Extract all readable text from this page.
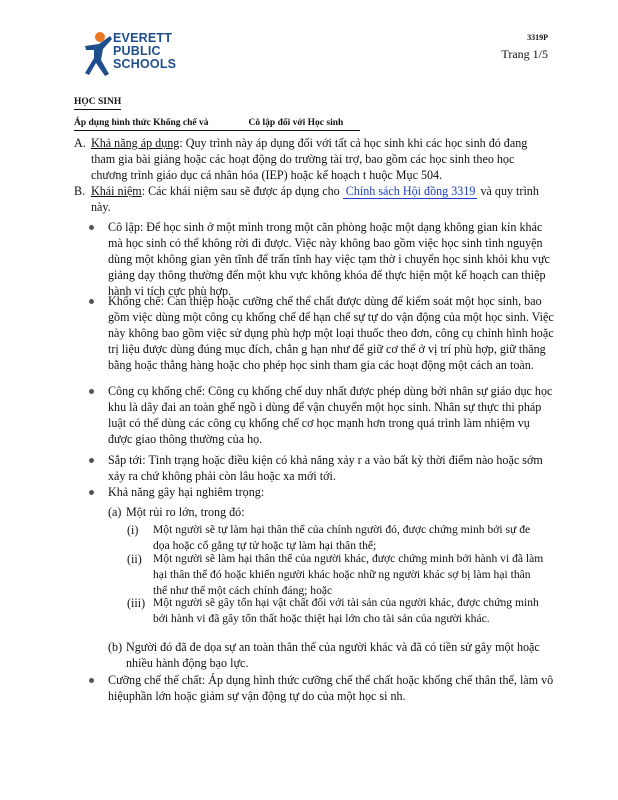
EVERETT
PUBLIC
SCHOOLS
3319P
Trang 1/5
HỌC SINH
Áp dụng hình thức Khống chế và	Cô lập đối với Học sinh
A. Khả năng áp dụng: Quy trình này áp dụng đối với tất cả học sinh khi các học sinh đó đang tham gia bài giảng hoặc các hoạt động do trường tài trợ, bao gồm các học sinh theo học chương trình giáo dục cá nhân hóa (IEP) hoặc kế hoạch t huộc Mục 504.
B. Khái niệm: Các khái niệm sau sẽ được áp dụng cho Chính sách Hội đồng 3319 và quy trình này.
Cô lập: Để học sinh ở một mình trong một căn phòng hoặc một dạng không gian kín khác mà học sinh có thể không rời đi được. Việc này không bao gồm việc học sinh tình nguyện dùng một không gian yên tĩnh để trấn tĩnh hay việc tạm thờ i chuyển học sinh khỏi khu vực giảng dạy thông thường đến một khu vực không khóa để thực hiện một kế hoạch can thiệp hành vi tích cực phù hợp.
Khống chế: Can thiệp hoặc cưỡng chế thể chất được dùng để kiểm soát một học sinh, bao gồm việc dùng một công cụ khống chế để hạn chế sự tự do vận động của một học sinh. Việc này không bao gồm việc sử dụng phù hợp một loại thuốc theo đơn, công cụ chỉnh hình hoặc trị liệu được dùng đúng mục đích, chẳn g hạn như để giữ cơ thể ở vị trí phù hợp, giữ thăng bằng hoặc thẳng hàng hoặc cho phép học sinh tham gia các hoạt động một cách an toàn.
Công cụ khống chế: Công cụ khống chế duy nhất được phép dùng bởi nhân sự giáo dục học khu là dây đai an toàn ghế ngồ i dùng để vận chuyển một học sinh. Nhân sự thực thi pháp luật có thể dùng các công cụ khống chế cơ học mạnh hơn trong quá trình làm nhiệm vụ được giao thông thường của họ.
Sắp tới: Tình trạng hoặc điều kiện có khả năng xảy r a vào bất kỳ thời điểm nào hoặc sớm xảy ra chứ không phải còn lâu hoặc xa mới tới.
Khả năng gây hại nghiêm trọng:
(a) Một rủi ro lớn, trong đó:
(i) Một người sẽ tự làm hại thân thể của chính người đó, được chứng minh bởi sự đe dọa hoặc cố gắng tự tử hoặc tự làm hại thân thể;
(ii) Một người sẽ làm hại thân thể của người khác, được chứng minh bởi hành vi đã làm hại thân thể đó hoặc khiến người khác hoặc nhữ ng người khác sợ bị làm hại thân thể như thế một cách chính đáng; hoặc
(iii) Một người sẽ gây tổn hại vật chất đối với tài sản của người khác, được chứng minh bởi hành vi đã gây tổn thất hoặc thiệt hại lớn cho tài sản của người khác.
(b) Người đó đã đe dọa sự an toàn thân thể của người khác và đã có tiền sử gây một hoặc nhiều hành động bạo lực.
Cưỡng chế thể chất: Áp dụng hình thức cưỡng chế thể chất hoặc khống chế thân thể, làm vô hiệuphần lớn hoặc giảm sự vận động tự do của một học si nh.
